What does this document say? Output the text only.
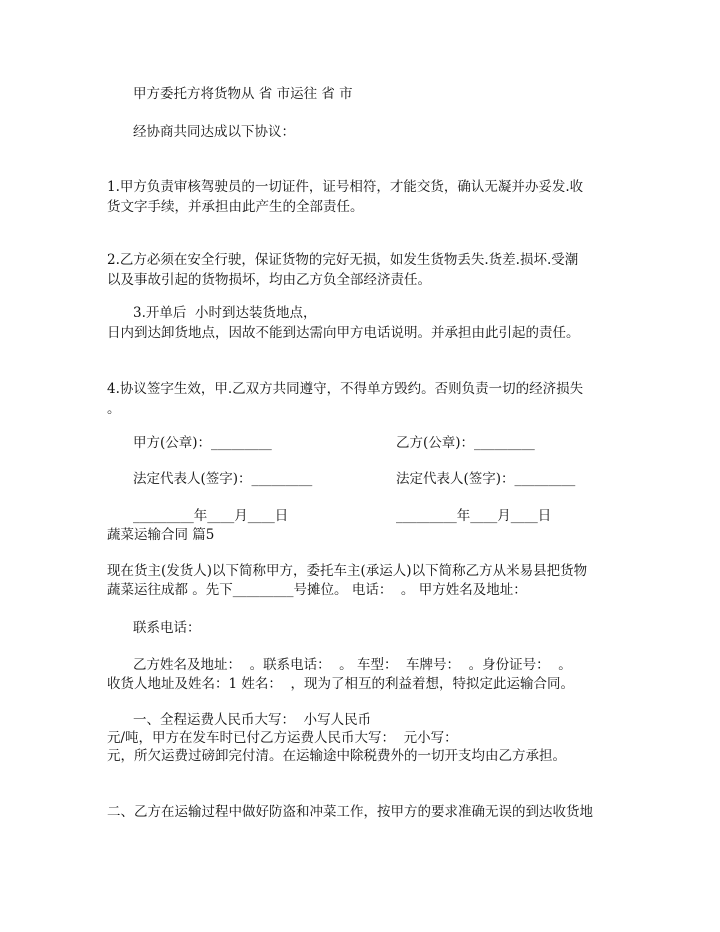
甲方委托方将货物从 省 市运往 省 市
经协商共同达成以下协议：
1.甲方负责审核驾驶员的一切证件，证号相符，才能交货，确认无凝并办妥发.收
货文字手续，并承担由此产生的全部责任。
2.乙方必须在安全行驶，保证货物的完好无损，如发生货物丢失.货差.损坏.受潮
以及事故引起的货物损坏，均由乙方负全部经济责任。
3.开单后  小时到达装货地点，
日内到达卸货地点，因故不能到达需向甲方电话说明。并承担由此引起的责任。
4.协议签字生效，甲.乙双方共同遵守，不得单方毁约。否则负责一切的经济损失
。
甲方(公章)：_________	乙方(公章)：_________
法定代表人(签字)：_________	法定代表人(签字)：_________
_________年____月____日	_________年____月____日
蔬菜运输合同 篇5
现在货主(发货人)以下简称甲方，委托车主(承运人)以下简称乙方从米易县把货物
蔬菜运往成都 。先下_________号摊位。 电话：  。 甲方姓名及地址：
联系电话：
乙方姓名及地址：  。联系电话：  。 车型：  车牌号：  。身份证号：  。
收货人地址及姓名：1 姓名：  ，现为了相互的利益着想，特拟定此运输合同。
一、全程运费人民币大写：  小写人民币
元/吨，甲方在发车时已付乙方运费人民币大写：  元小写：
元，所欠运费过磅卸完付清。在运输途中除税费外的一切开支均由乙方承担。
二、乙方在运输过程中做好防盗和冲菜工作，按甲方的要求准确无误的到达收货地
